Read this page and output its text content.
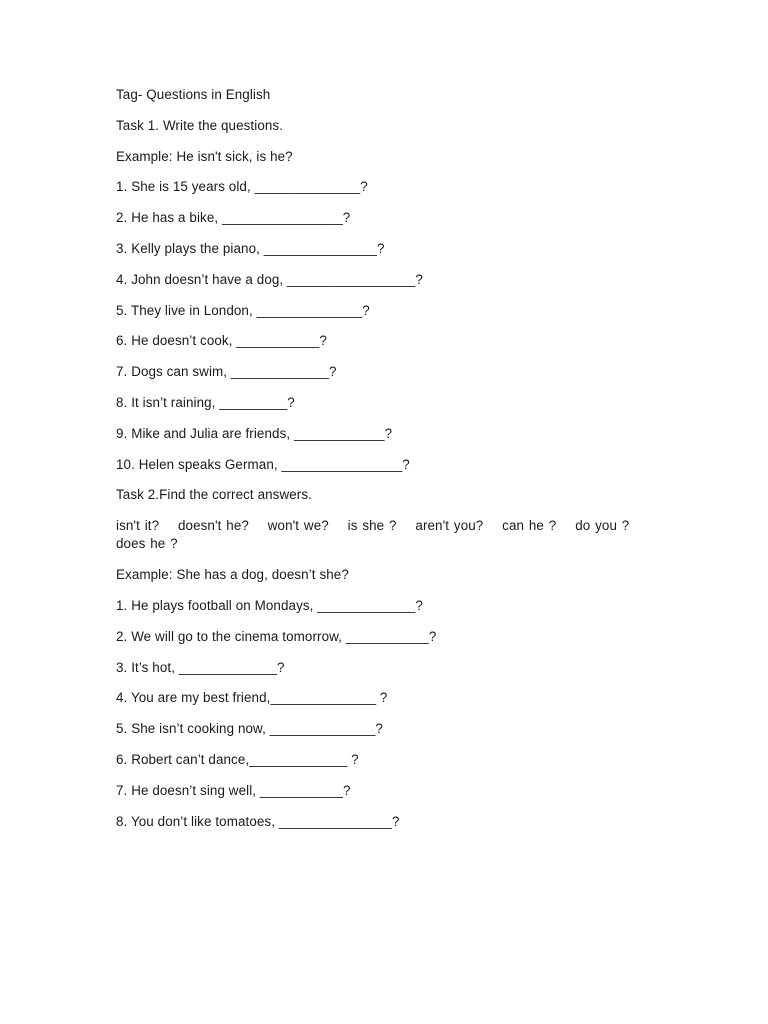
Tag- Questions in English
Task 1. Write the questions.
Example: He isn't sick, is he?
1. She is 15 years old, ______________?
2. He has a bike, ________________?
3. Kelly plays the piano, _______________?
4. John doesn’t have a dog, _________________?
5. They live in London, ______________?
6. He doesn’t cook, ___________?
7. Dogs can swim, _____________?
8. It isn’t raining, _________?
9. Mike and Julia are friends, ____________?
10. Helen speaks German, ________________?
Task 2.Find the correct answers.
isn't it? doesn't he? won't we? is she ? aren't you? can he ? do you ? does he ?
Example: She has a dog, doesn’t she?
1. He plays football on Mondays, _____________?
2. We will go to the cinema tomorrow, ___________?
3. It’s hot, _____________?
4. You are my best friend,______________ ?
5. She isn’t cooking now, ______________?
6. Robert can’t dance,_____________ ?
7. He doesn’t sing well, ___________?
8. You don’t like tomatoes, _______________?
